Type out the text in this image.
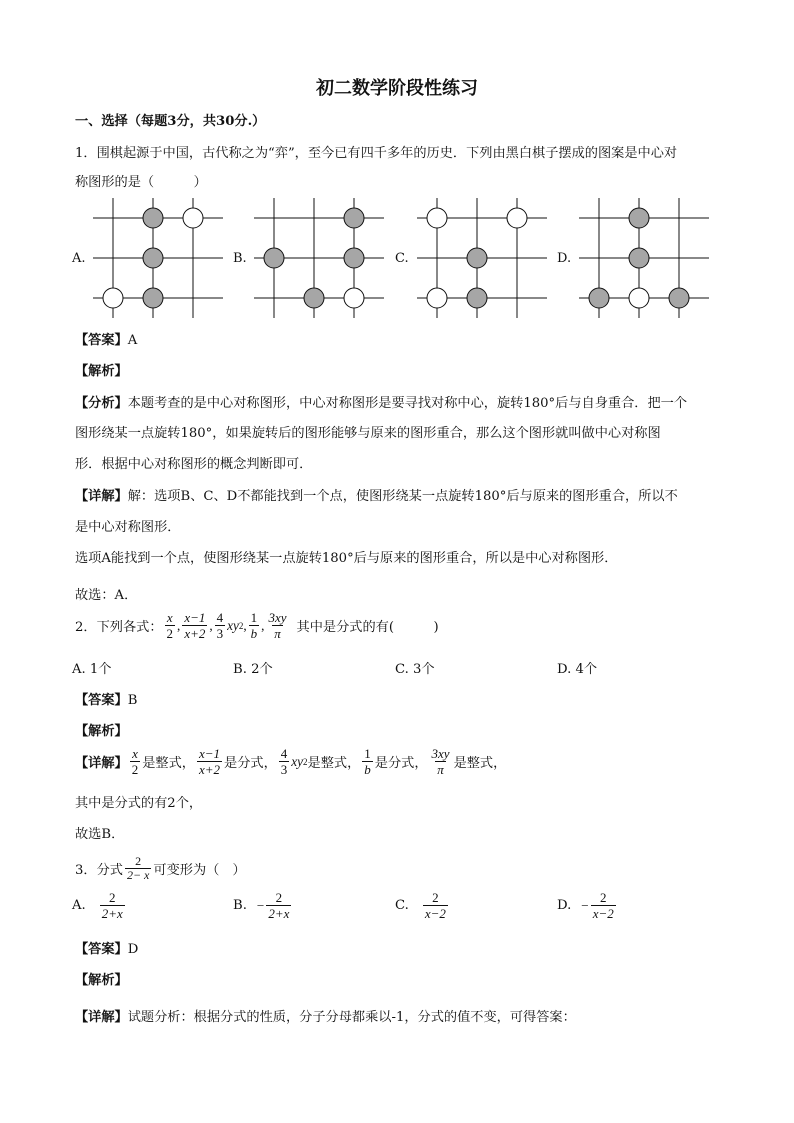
初二数学阶段性练习
一、选择（每题3分，共30分.）
1．围棋起源于中国，古代称之为“弈”，至今已有四千多年的历史．下列由黑白棋子摆成的图案是中心对
称图形的是（　　　）
A.	B.	C.	D.
【答案】A
【解析】
【分析】本题考查的是中心对称图形，中心对称图形是要寻找对称中心，旋转180°后与自身重合．把一个
图形绕某一点旋转180°，如果旋转后的图形能够与原来的图形重合，那么这个图形就叫做中心对称图
形．根据中心对称图形的概念判断即可．
【详解】解：选项B、C、D不都能找到一个点，使图形绕某一点旋转180°后与原来的图形重合，所以不
是中心对称图形．
选项A能找到一个点，使图形绕某一点旋转180°后与原来的图形重合，所以是中心对称图形．
故选：A．
2．下列各式： $\frac{x}{2}$ , $\frac{x-1}{x+2}$ , $\frac{4}{3}$ xy 2 , $\frac{1}{b}$ , $\frac{3xy}{\pi}$ 其中是分式的有(　　　)
A. 1个	B. 2个	C. 3个	D. 4个
【答案】B
【解析】
【详解】 $\frac{x}{2}$ 是整式， $\frac{x-1}{x+2}$ 是分式， $\frac{4}{3}$ xy 2 是整式， $\frac{1}{b}$ 是分式， $\frac{3xy}{\pi}$ 是整式，
其中是分式的有2个，
故选B．
3．分式 $\frac{2}{2- x}$ 可变形为（　）
A. $\frac{2}{2+x}$	B. − $\frac{2}{2+x}$	C. $\frac{2}{x-2}$	D. − $\frac{2}{x-2}$
【答案】D
【解析】
【详解】试题分析：根据分式的性质，分子分母都乘以-1，分式的值不变，可得答案：
